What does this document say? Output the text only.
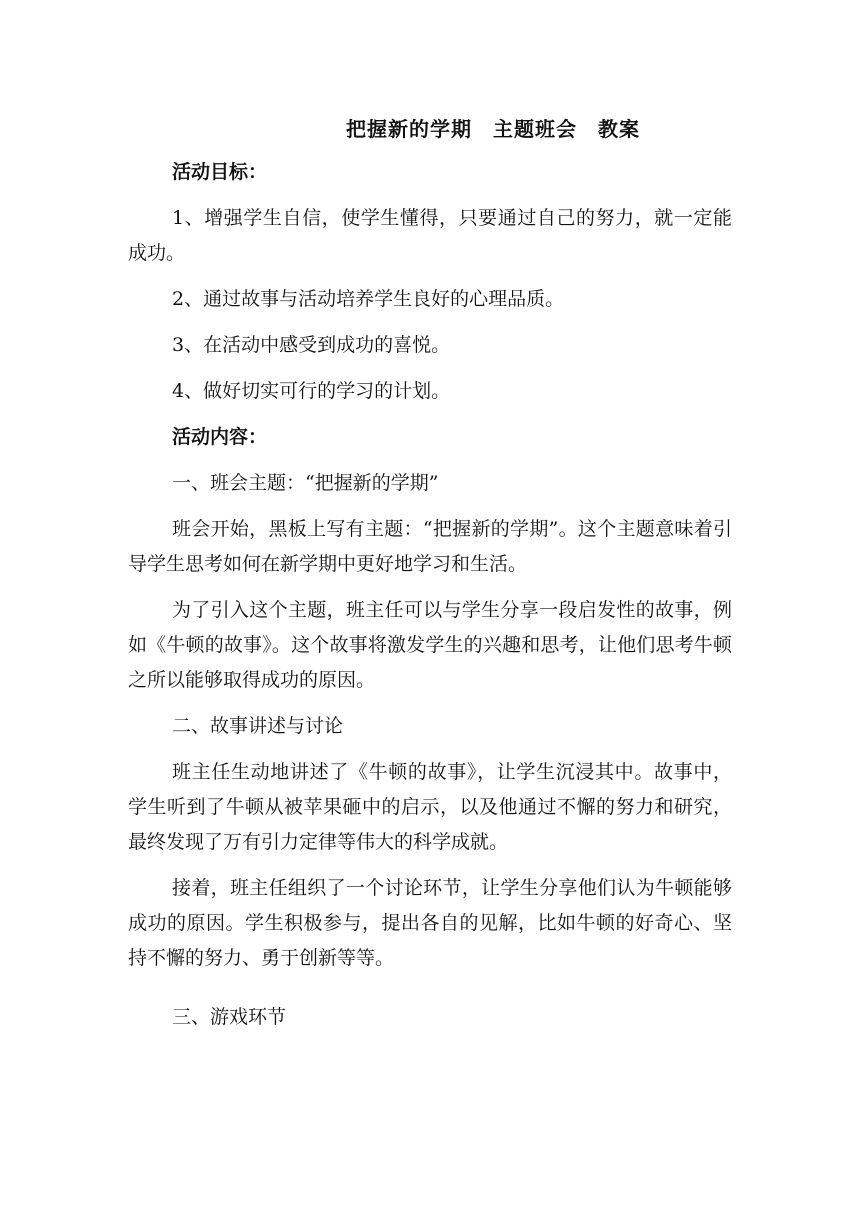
把握新的学期　主题班会　教案

活动目标：

1、增强学生自信，使学生懂得，只要通过自己的努力，就一定能成功。

2、通过故事与活动培养学生良好的心理品质。

3、在活动中感受到成功的喜悦。

4、做好切实可行的学习的计划。

活动内容：

一、班会主题：“把握新的学期”

班会开始，黑板上写有主题：“把握新的学期”。这个主题意味着引导学生思考如何在新学期中更好地学习和生活。

为了引入这个主题，班主任可以与学生分享一段启发性的故事，例如《牛顿的故事》。这个故事将激发学生的兴趣和思考，让他们思考牛顿之所以能够取得成功的原因。

二、故事讲述与讨论

班主任生动地讲述了《牛顿的故事》，让学生沉浸其中。故事中，学生听到了牛顿从被苹果砸中的启示，以及他通过不懈的努力和研究，最终发现了万有引力定律等伟大的科学成就。

接着，班主任组织了一个讨论环节，让学生分享他们认为牛顿能够成功的原因。学生积极参与，提出各自的见解，比如牛顿的好奇心、坚持不懈的努力、勇于创新等等。

三、游戏环节
